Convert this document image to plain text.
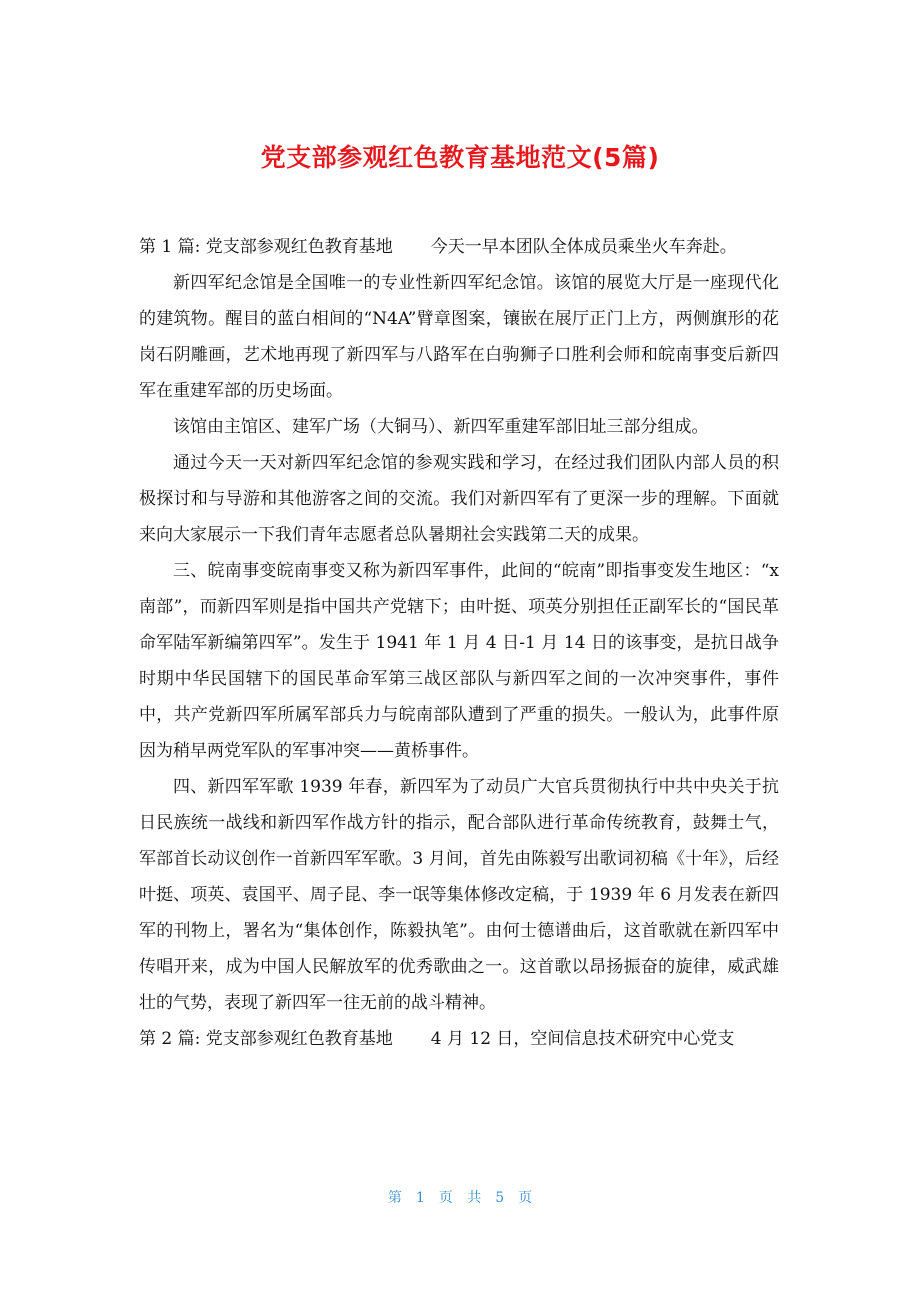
党支部参观红色教育基地范文(5篇)

第 1 篇: 党支部参观红色教育基地 今天一早本团队全体成员乘坐火车奔赴。

新四军纪念馆是全国唯一的专业性新四军纪念馆。该馆的展览大厅是一座现代化的建筑物。醒目的蓝白相间的“N4A”臂章图案，镶嵌在展厅正门上方，两侧旗形的花岗石阴雕画，艺术地再现了新四军与八路军在白驹狮子口胜利会师和皖南事变后新四军在重建军部的历史场面。

该馆由主馆区、建军广场（大铜马）、新四军重建军部旧址三部分组成。

通过今天一天对新四军纪念馆的参观实践和学习，在经过我们团队内部人员的积极探讨和与导游和其他游客之间的交流。我们对新四军有了更深一步的理解。下面就来向大家展示一下我们青年志愿者总队暑期社会实践第二天的成果。

三、皖南事变皖南事变又称为新四军事件，此间的“皖南”即指事变发生地区：“x 南部”，而新四军则是指中国共产党辖下；由叶挺、项英分别担任正副军长的“国民革命军陆军新编第四军”。发生于 1941 年 1 月 4 日-1 月 14 日的该事变，是抗日战争时期中华民国辖下的国民革命军第三战区部队与新四军之间的一次冲突事件，事件中，共产党新四军所属军部兵力与皖南部队遭到了严重的损失。一般认为，此事件原因为稍早两党军队的军事冲突——黄桥事件。

四、新四军军歌 1939 年春，新四军为了动员广大官兵贯彻执行中共中央关于抗日民族统一战线和新四军作战方针的指示，配合部队进行革命传统教育，鼓舞士气，军部首长动议创作一首新四军军歌。3 月间，首先由陈毅写出歌词初稿《十年》，后经叶挺、项英、袁国平、周子昆、李一氓等集体修改定稿，于 1939 年 6 月发表在新四军的刊物上，署名为“集体创作，陈毅执笔”。由何士德谱曲后，这首歌就在新四军中传唱开来，成为中国人民解放军的优秀歌曲之一。这首歌以昂扬振奋的旋律，威武雄壮的气势，表现了新四军一往无前的战斗精神。

第 2 篇: 党支部参观红色教育基地 4 月 12 日，空间信息技术研究中心党支

第 1 页 共 5 页
